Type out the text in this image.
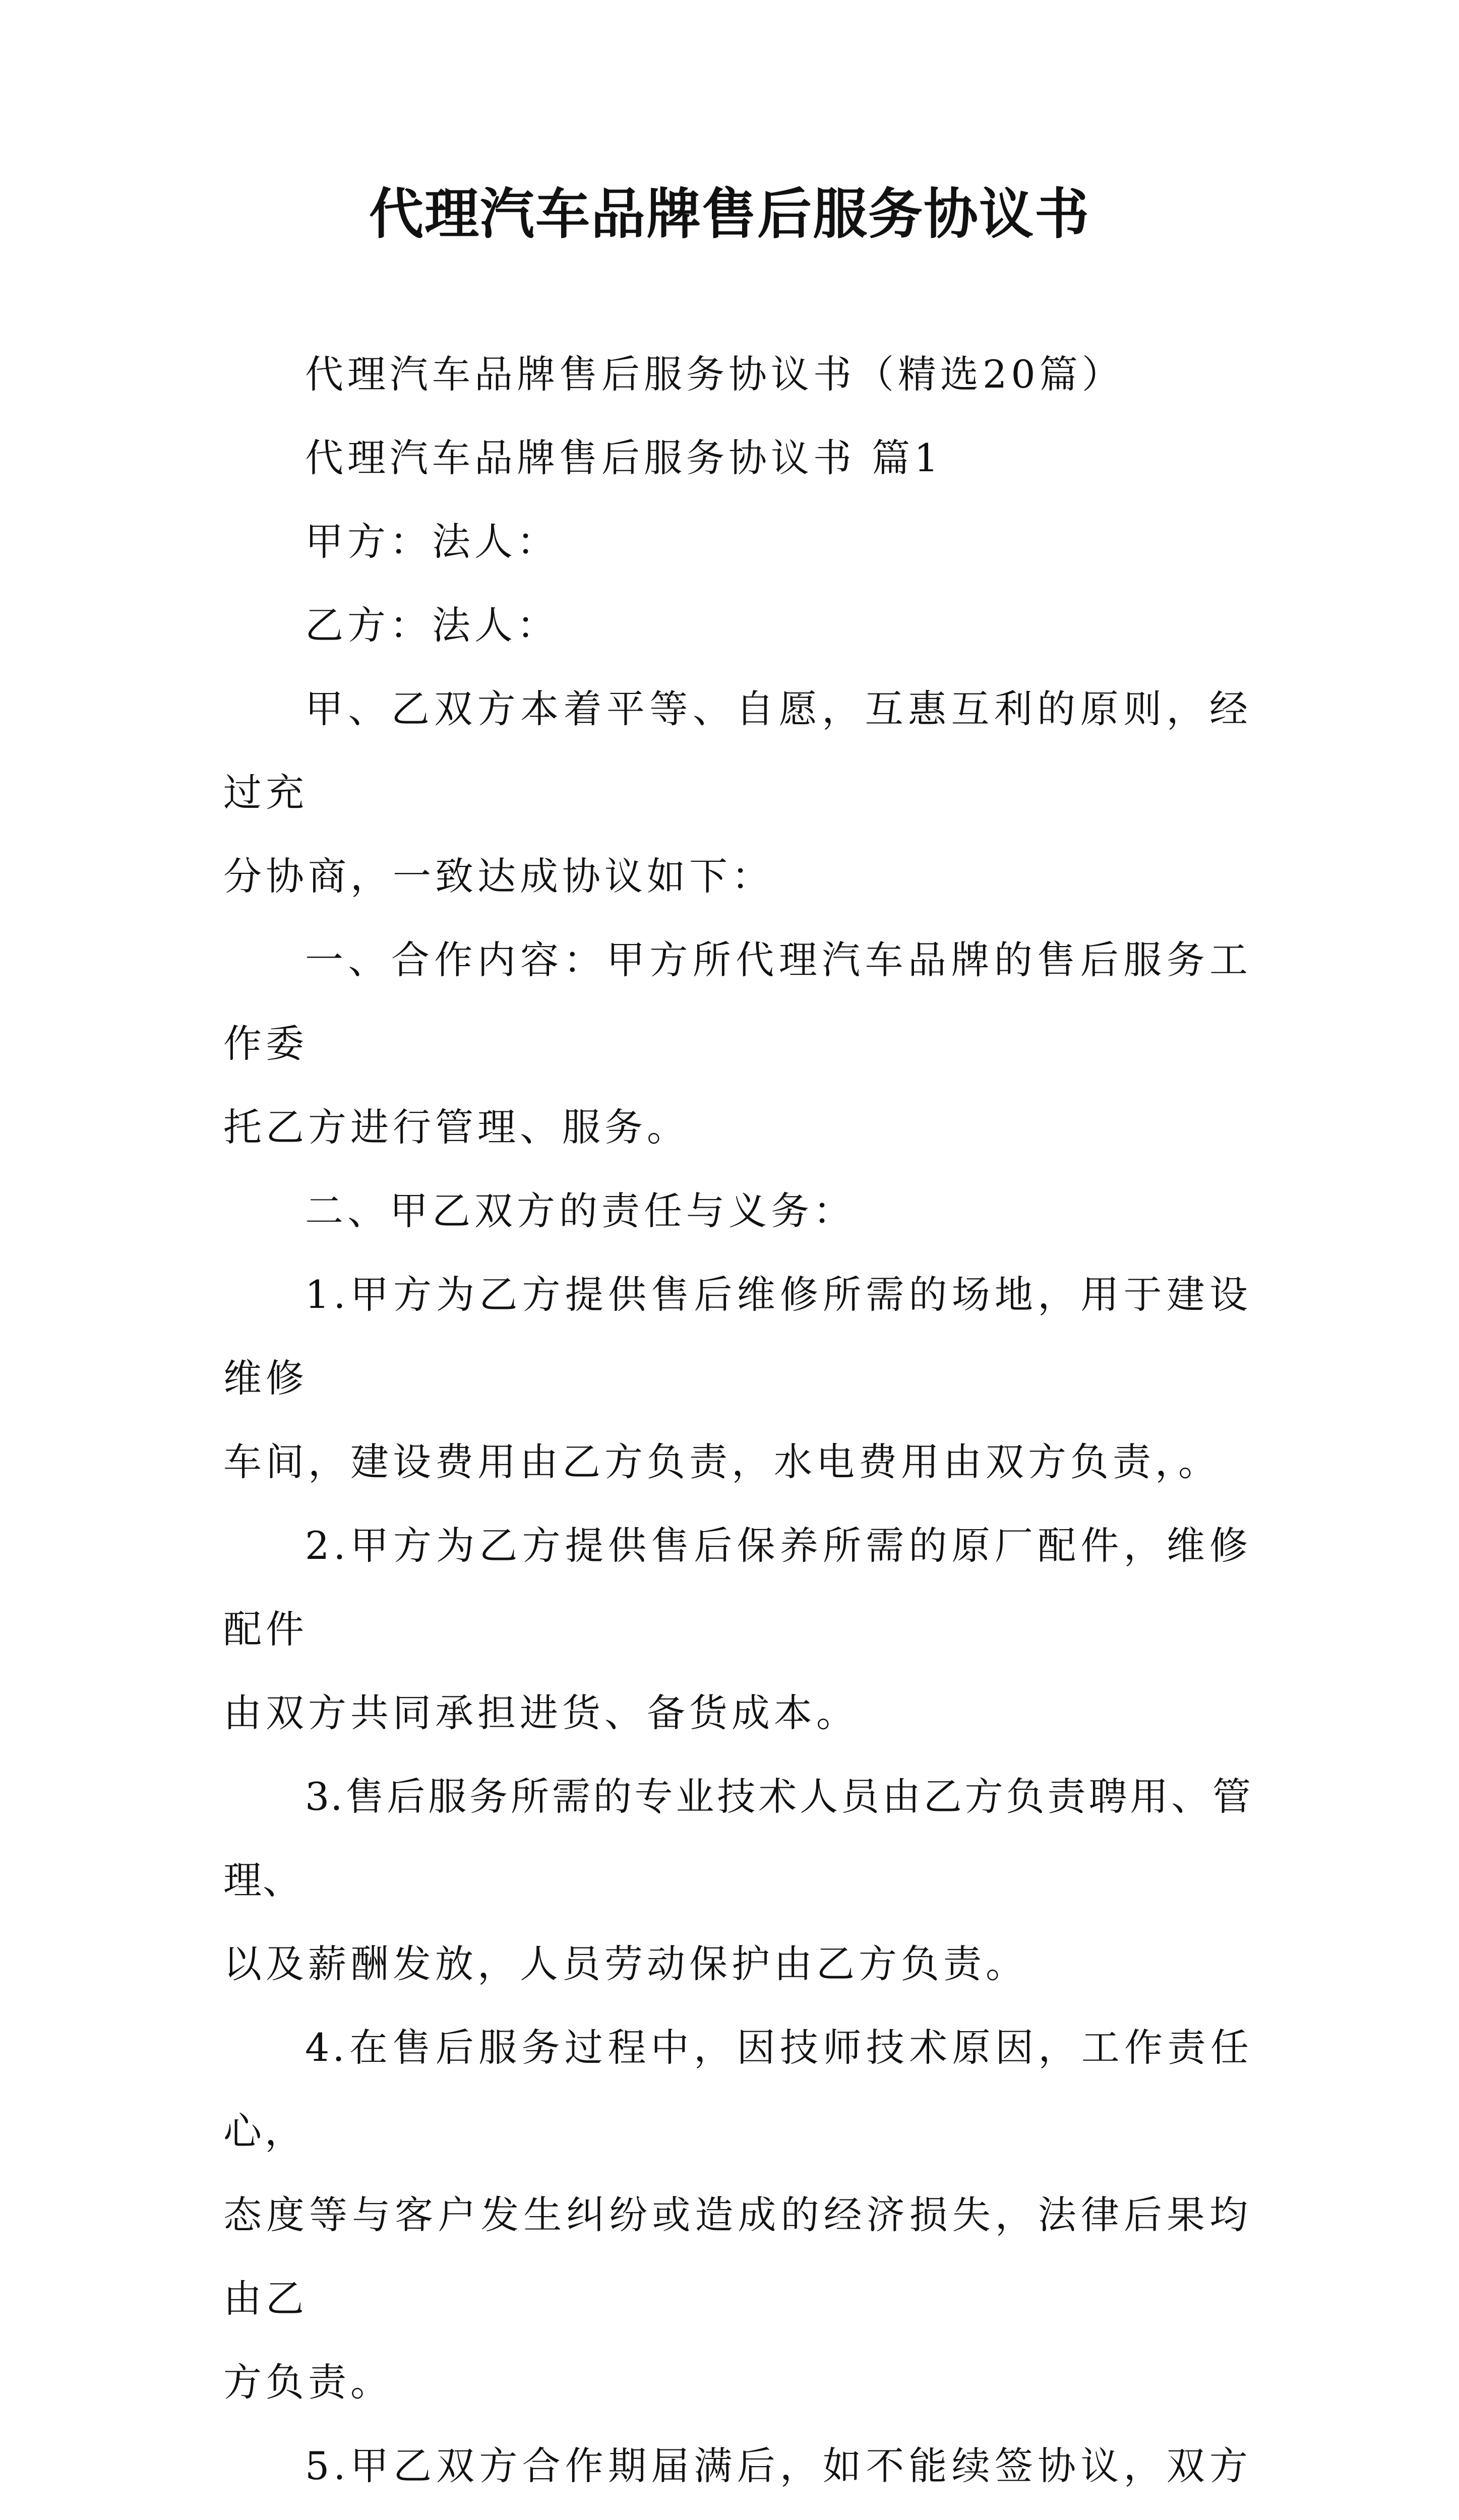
代理汽车品牌售后服务协议书

代理汽车品牌售后服务协议书（精选20篇）

代理汽车品牌售后服务协议书 篇1

甲方：法人：

乙方：法人：

甲、乙双方本着平等、自愿，互惠互利的原则，经过充
分协商，一致达成协议如下：

一、合作内容：甲方所代理汽车品牌的售后服务工作委
托乙方进行管理、服务。

二、甲乙双方的责任与义务：

1.甲方为乙方提供售后维修所需的场地，用于建设维修
车间，建设费用由乙方负责，水电费用由双方负责，。

2.甲方为乙方提供售后保养所需的原厂配件，维修配件
由双方共同承担进货、备货成本。

3.售后服务所需的专业技术人员由乙方负责聘用、管理、
以及薪酬发放，人员劳动保护由乙方负责。

4.在售后服务过程中，因技师技术原因，工作责任心，
态度等与客户发生纠纷或造成的经济损失，法律后果均由乙
方负责。

5.甲乙双方合作期届满后，如不能续签协议，双方
